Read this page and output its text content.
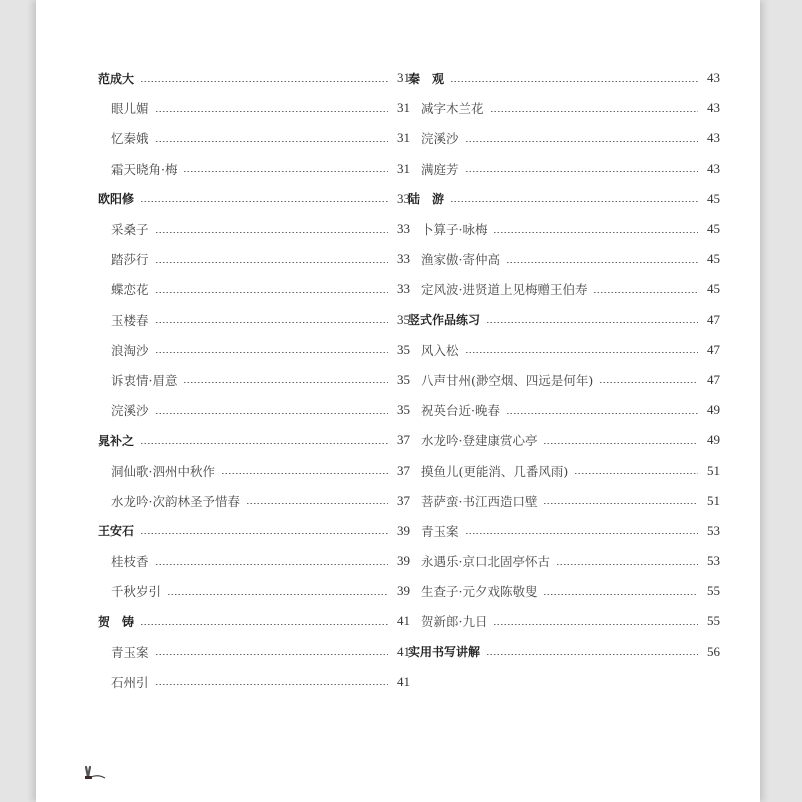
范成大	31
眼儿媚	31
忆秦娥	31
霜天晓角·梅	31
欧阳修	33
采桑子	33
踏莎行	33
蝶恋花	33
玉楼春	35
浪淘沙	35
诉衷情·眉意	35
浣溪沙	35
晁补之	37
洞仙歌·泗州中秋作	37
水龙吟·次韵林圣予惜春	37
王安石	39
桂枝香	39
千秋岁引	39
贺　铸	41
青玉案	41
石州引	41
秦　观	43
减字木兰花	43
浣溪沙	43
满庭芳	43
陆　游	45
卜算子·咏梅	45
渔家傲·寄仲高	45
定风波·进贤道上见梅赠王伯寿	45
竖式作品练习	47
风入松	47
八声甘州(渺空烟、四远是何年)	47
祝英台近·晚春	49
水龙吟·登建康赏心亭	49
摸鱼儿(更能消、几番风雨)	51
菩萨蛮·书江西造口壁	51
青玉案	53
永遇乐·京口北固亭怀古	53
生查子·元夕戏陈敬叟	55
贺新郎·九日	55
实用书写讲解	56
